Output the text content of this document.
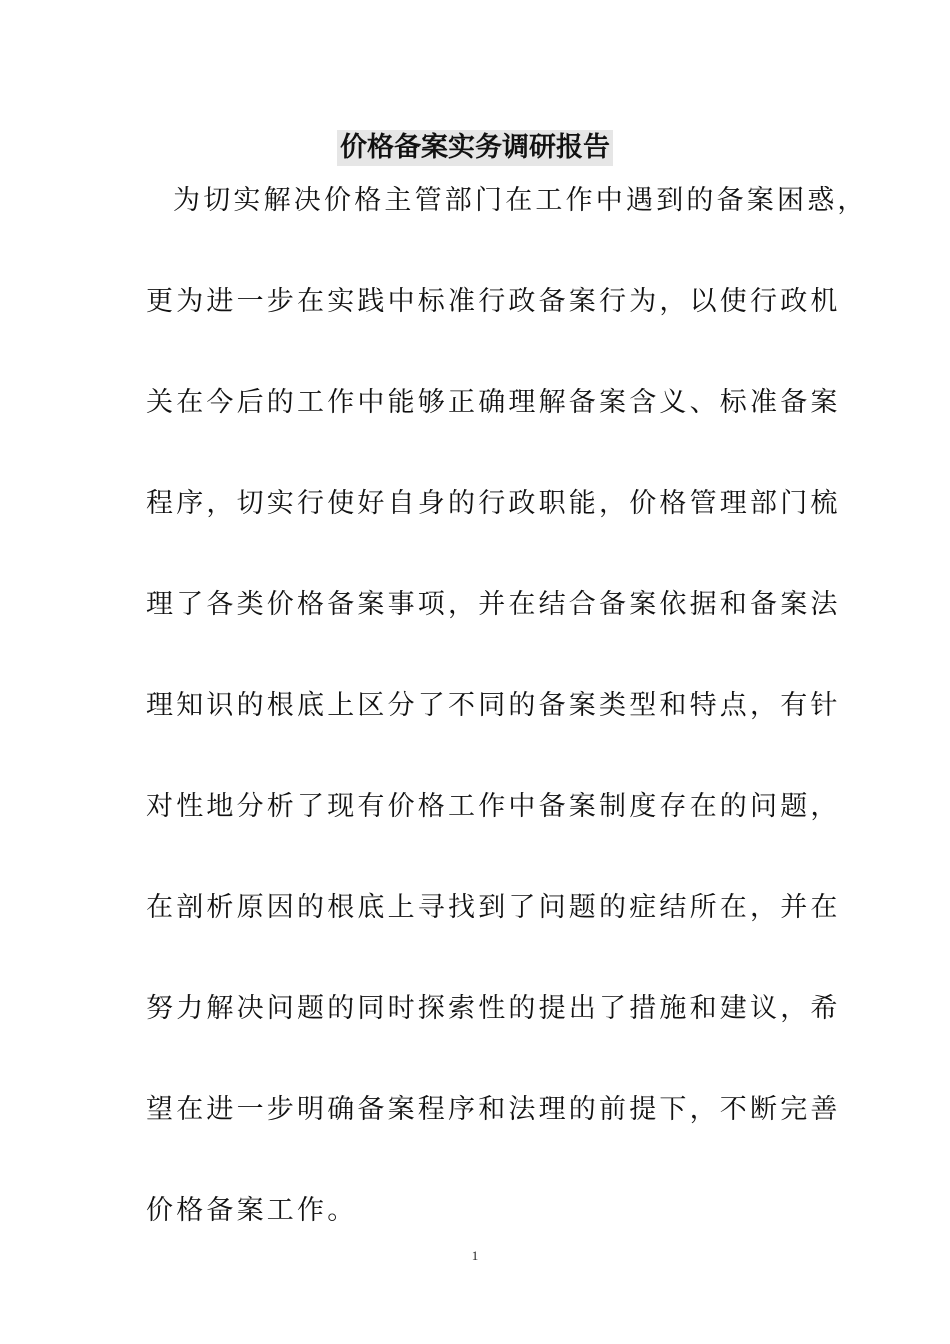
价格备案实务调研报告
为切实解决价格主管部门在工作中遇到的备案困惑，
更为进一步在实践中标准行政备案行为，以使行政机
关在今后的工作中能够正确理解备案含义、标准备案
程序，切实行使好自身的行政职能，价格管理部门梳
理了各类价格备案事项，并在结合备案依据和备案法
理知识的根底上区分了不同的备案类型和特点，有针
对性地分析了现有价格工作中备案制度存在的问题，
在剖析原因的根底上寻找到了问题的症结所在，并在
努力解决问题的同时探索性的提出了措施和建议，希
望在进一步明确备案程序和法理的前提下，不断完善
价格备案工作。
1
